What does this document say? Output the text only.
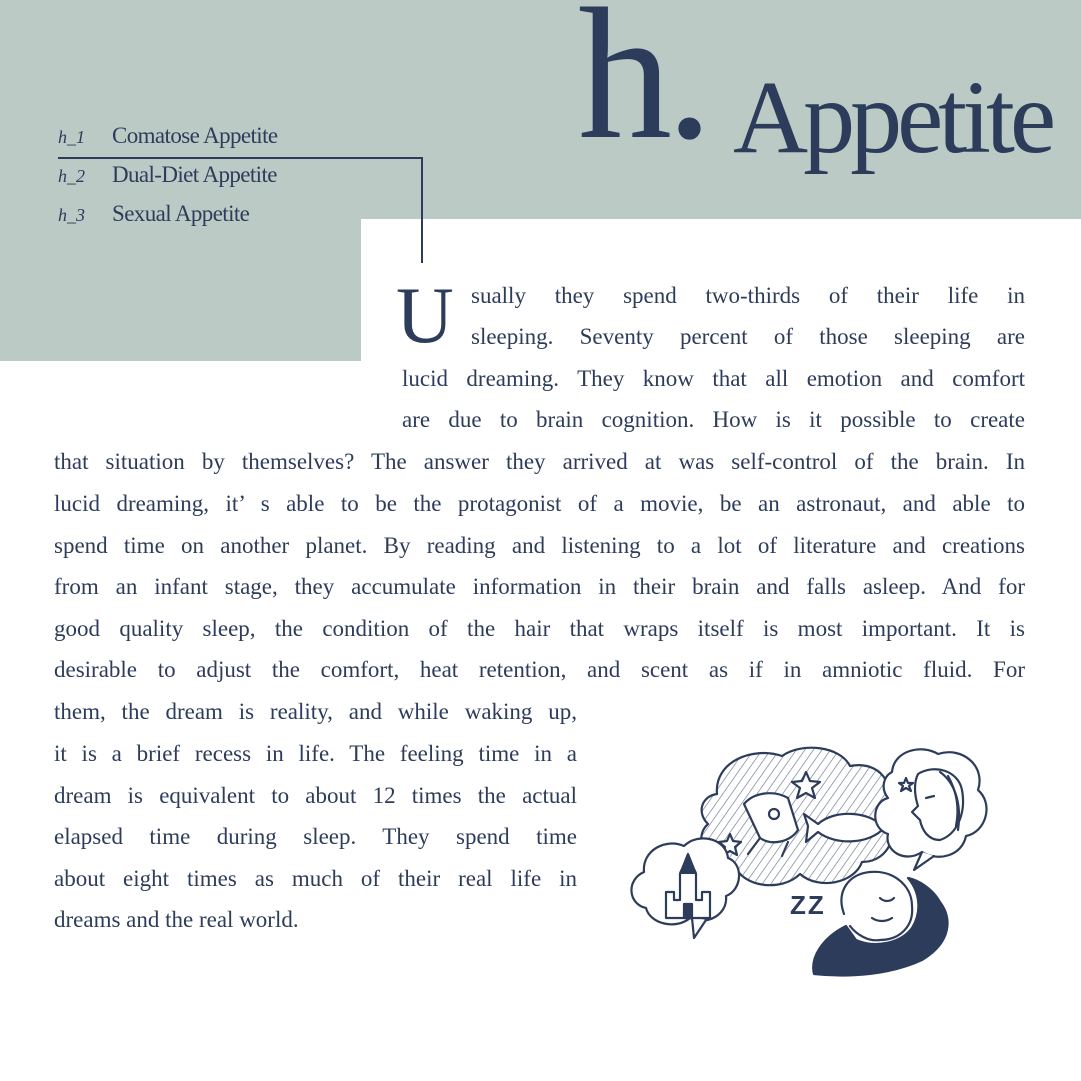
h. Appetite
h_1 Comatose Appetite
h_2 Dual-Diet Appetite
h_3 Sexual Appetite
U sually they spend two-thirds of their life in
sleeping. Seventy percent of those sleeping are
lucid dreaming. They know that all emotion and comfort
are due to brain cognition. How is it possible to create
that situation by themselves? The answer they arrived at was self-control of the brain. In
lucid dreaming, it’ s able to be the protagonist of a movie, be an astronaut, and able to
spend time on another planet. By reading and listening to a lot of literature and creations
from an infant stage, they accumulate information in their brain and falls asleep. And for
good quality sleep, the condition of the hair that wraps itself is most important. It is
desirable to adjust the comfort, heat retention, and scent as if in amniotic fluid. For
them, the dream is reality, and while waking up,
it is a brief recess in life. The feeling time in a
dream is equivalent to about 12 times the actual
elapsed time during sleep. They spend time
about eight times as much of their real life in
dreams and the real world.	ZZ
